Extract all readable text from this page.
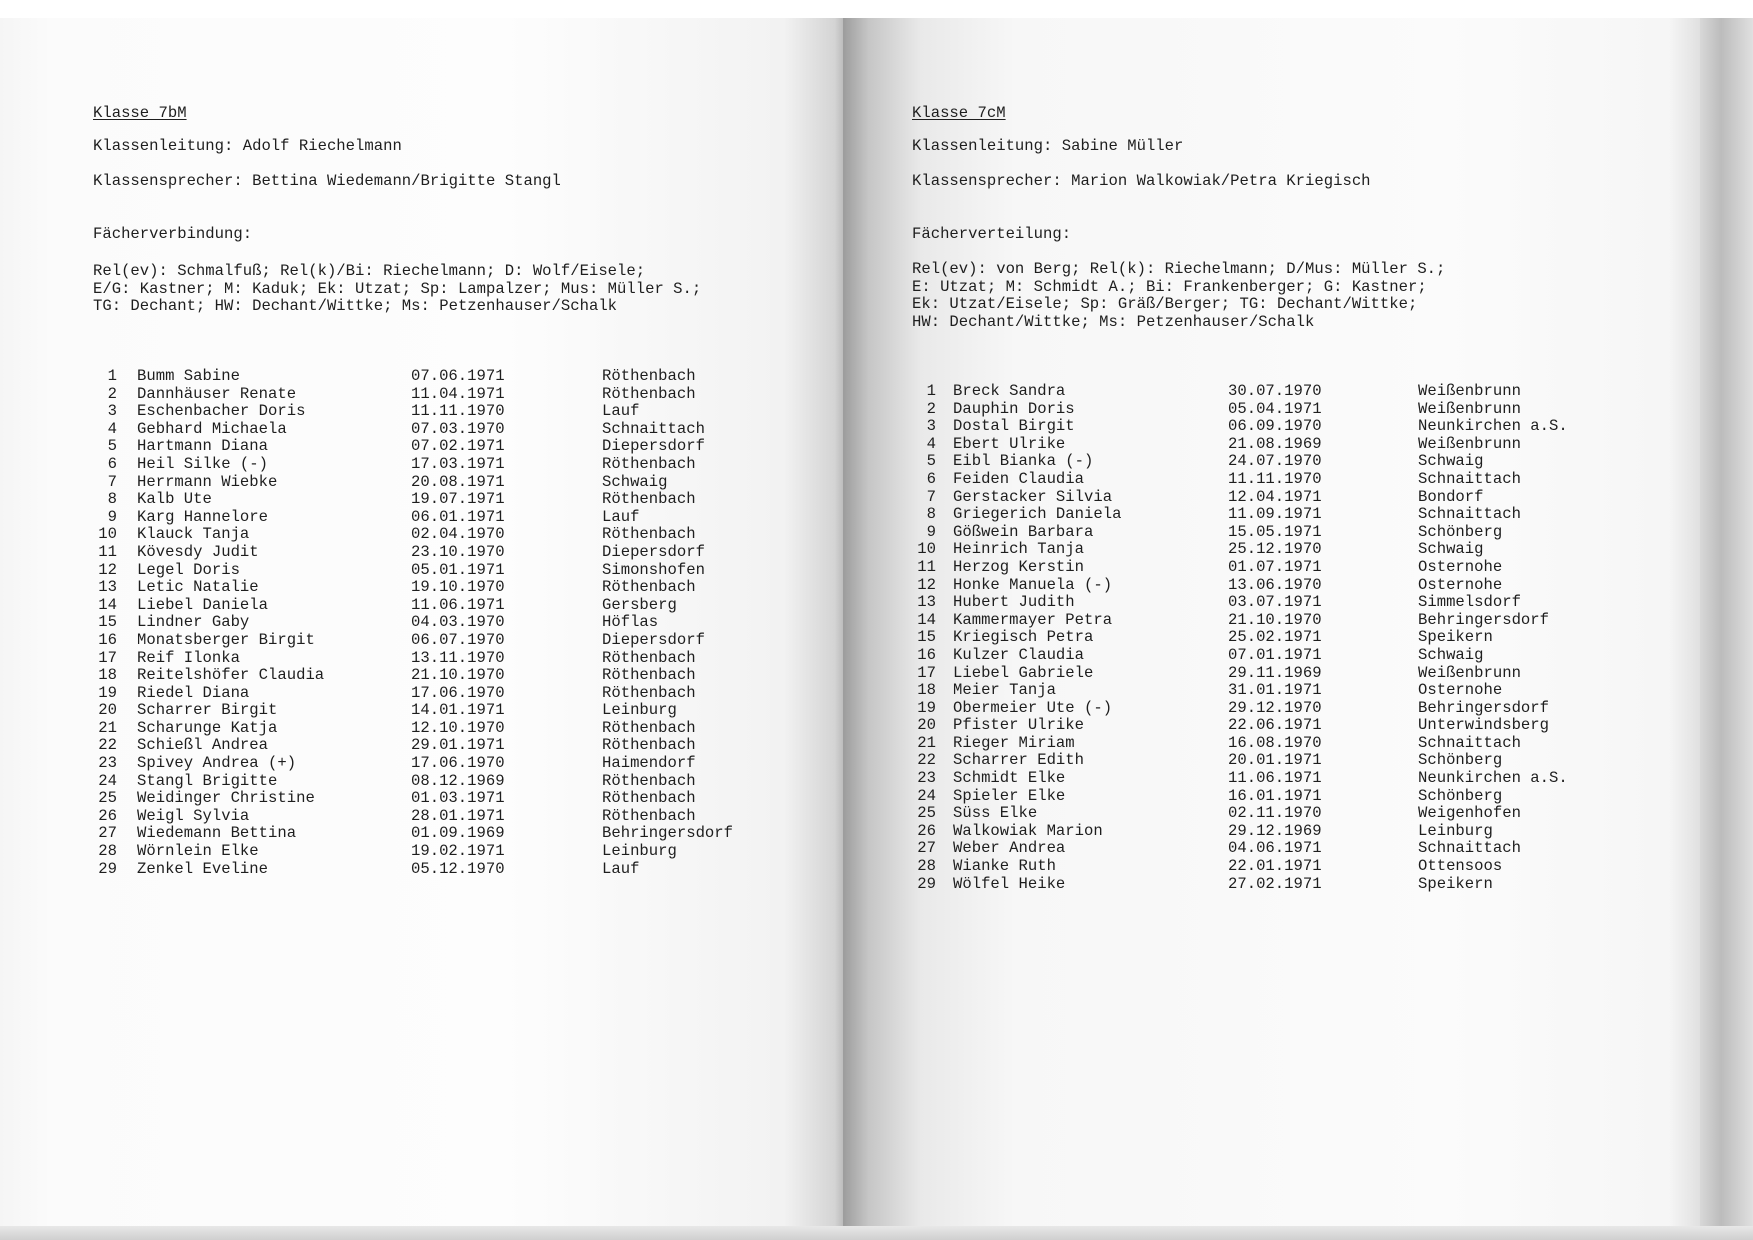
Klasse 7bM
Klassenleitung: Adolf Riechelmann
Klassensprecher: Bettina Wiedemann/Brigitte Stangl
Fächerverbindung:
Rel(ev): Schmalfuß; Rel(k)/Bi: Riechelmann; D: Wolf/Eisele;
E/G: Kastner; M: Kaduk; Ek: Utzat; Sp: Lampalzer; Mus: Müller S.;
TG: Dechant; HW: Dechant/Wittke; Ms: Petzenhauser/Schalk
1 Bumm Sabine	07.06.1971	Röthenbach
2 Dannhäuser Renate	11.04.1971	Röthenbach
3 Eschenbacher Doris	11.11.1970	Lauf
4 Gebhard Michaela	07.03.1970	Schnaittach
5 Hartmann Diana	07.02.1971	Diepersdorf
6 Heil Silke (-)	17.03.1971	Röthenbach
7 Herrmann Wiebke	20.08.1971	Schwaig
8 Kalb Ute	19.07.1971	Röthenbach
9 Karg Hannelore	06.01.1971	Lauf
10 Klauck Tanja	02.04.1970	Röthenbach
11 Kövesdy Judit	23.10.1970	Diepersdorf
12 Legel Doris	05.01.1971	Simonshofen
13 Letic Natalie	19.10.1970	Röthenbach
14 Liebel Daniela	11.06.1971	Gersberg
15 Lindner Gaby	04.03.1970	Höflas
16 Monatsberger Birgit	06.07.1970	Diepersdorf
17 Reif Ilonka	13.11.1970	Röthenbach
18 Reitelshöfer Claudia	21.10.1970	Röthenbach
19 Riedel Diana	17.06.1970	Röthenbach
20 Scharrer Birgit	14.01.1971	Leinburg
21 Scharunge Katja	12.10.1970	Röthenbach
22 Schießl Andrea	29.01.1971	Röthenbach
23 Spivey Andrea (+)	17.06.1970	Haimendorf
24 Stangl Brigitte	08.12.1969	Röthenbach
25 Weidinger Christine	01.03.1971	Röthenbach
26 Weigl Sylvia	28.01.1971	Röthenbach
27 Wiedemann Bettina	01.09.1969	Behringersdorf
28 Wörnlein Elke	19.02.1971	Leinburg
29 Zenkel Eveline	05.12.1970	Lauf
Klasse 7cM
Klassenleitung: Sabine Müller
Klassensprecher: Marion Walkowiak/Petra Kriegisch
Fächerverteilung:
Rel(ev): von Berg; Rel(k): Riechelmann; D/Mus: Müller S.;
E: Utzat; M: Schmidt A.; Bi: Frankenberger; G: Kastner;
Ek: Utzat/Eisele; Sp: Gräß/Berger; TG: Dechant/Wittke;
HW: Dechant/Wittke; Ms: Petzenhauser/Schalk
1 Breck Sandra	30.07.1970	Weißenbrunn
2 Dauphin Doris	05.04.1971	Weißenbrunn
3 Dostal Birgit	06.09.1970	Neunkirchen a.S.
4 Ebert Ulrike	21.08.1969	Weißenbrunn
5 Eibl Bianka (-)	24.07.1970	Schwaig
6 Feiden Claudia	11.11.1970	Schnaittach
7 Gerstacker Silvia	12.04.1971	Bondorf
8 Griegerich Daniela	11.09.1971	Schnaittach
9 Gößwein Barbara	15.05.1971	Schönberg
10 Heinrich Tanja	25.12.1970	Schwaig
11 Herzog Kerstin	01.07.1971	Osternohe
12 Honke Manuela (-)	13.06.1970	Osternohe
13 Hubert Judith	03.07.1971	Simmelsdorf
14 Kammermayer Petra	21.10.1970	Behringersdorf
15 Kriegisch Petra	25.02.1971	Speikern
16 Kulzer Claudia	07.01.1971	Schwaig
17 Liebel Gabriele	29.11.1969	Weißenbrunn
18 Meier Tanja	31.01.1971	Osternohe
19 Obermeier Ute (-)	29.12.1970	Behringersdorf
20 Pfister Ulrike	22.06.1971	Unterwindsberg
21 Rieger Miriam	16.08.1970	Schnaittach
22 Scharrer Edith	20.01.1971	Schönberg
23 Schmidt Elke	11.06.1971	Neunkirchen a.S.
24 Spieler Elke	16.01.1971	Schönberg
25 Süss Elke	02.11.1970	Weigenhofen
26 Walkowiak Marion	29.12.1969	Leinburg
27 Weber Andrea	04.06.1971	Schnaittach
28 Wianke Ruth	22.01.1971	Ottensoos
29 Wölfel Heike	27.02.1971	Speikern
